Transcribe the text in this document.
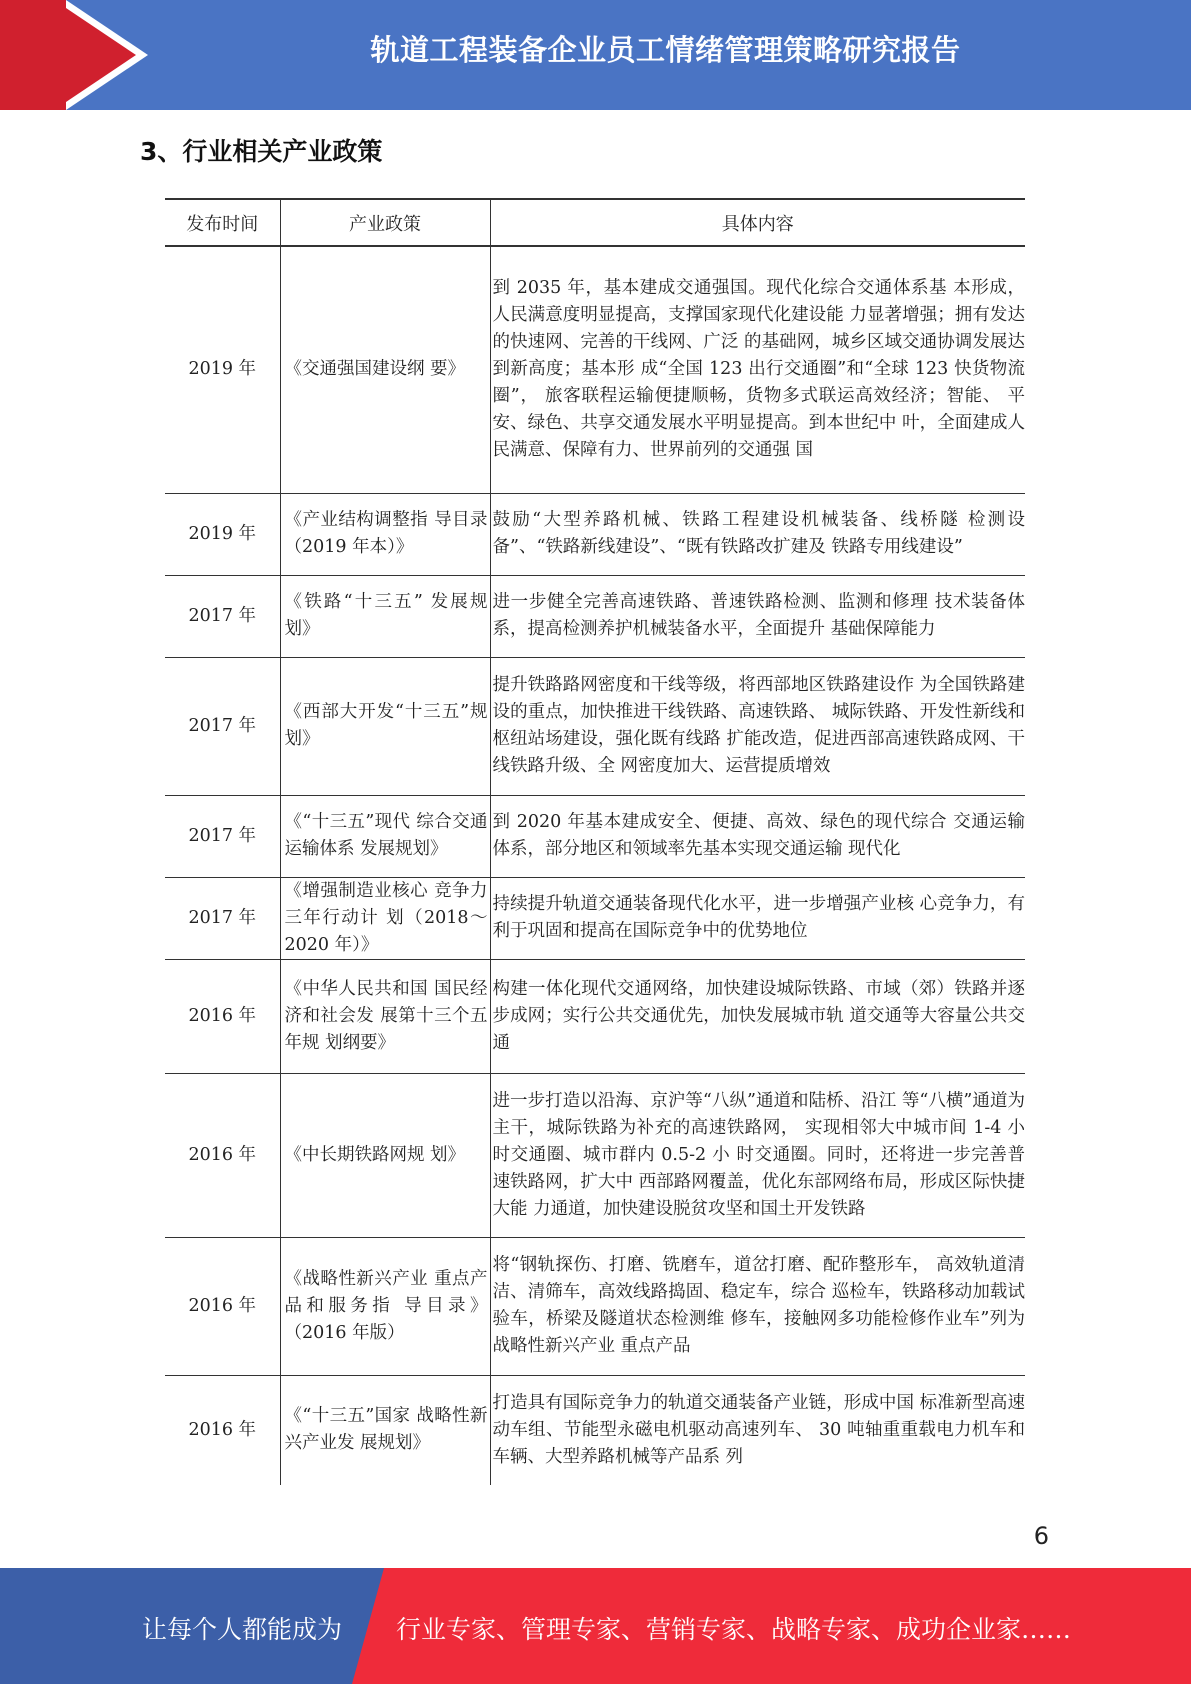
轨道工程装备企业员工情绪管理策略研究报告
3、行业相关产业政策
发布时间	产业政策	具体内容
2019 年	《交通强国建设纲 要》	到 2035 年，基本建成交通强国。现代化综合交通体系基 本形成，人民满意度明显提高，支撑国家现代化建设能 力显著增强；拥有发达的快速网、完善的干线网、广泛 的基础网，城乡区域交通协调发展达到新高度；基本形 成“全国 123 出行交通圈”和“全球 123 快货物流圈”， 旅客联程运输便捷顺畅，货物多式联运高效经济；智能、 平安、绿色、共享交通发展水平明显提高。到本世纪中 叶，全面建成人民满意、保障有力、世界前列的交通强 国
2019 年	《产业结构调整指 导目录（2019 年本）》	鼓励“大型养路机械、铁路工程建设机械装备、线桥隧 检测设备”、“铁路新线建设”、“既有铁路改扩建及 铁路专用线建设”
2017 年	《铁路“十三五” 发展规划》	进一步健全完善高速铁路、普速铁路检测、监测和修理 技术装备体系，提高检测养护机械装备水平，全面提升 基础保障能力
2017 年	《西部大开发“十三五”规划》	提升铁路路网密度和干线等级，将西部地区铁路建设作 为全国铁路建设的重点，加快推进干线铁路、高速铁路、 城际铁路、开发性新线和枢纽站场建设，强化既有线路 扩能改造，促进西部高速铁路成网、干线铁路升级、全 网密度加大、运营提质增效
2017 年	《“十三五”现代 综合交通运输体系 发展规划》	到 2020 年基本建成安全、便捷、高效、绿色的现代综合 交通运输体系，部分地区和领域率先基本实现交通运输 现代化
2017 年	《增强制造业核心 竞争力三年行动计 划（2018～2020 年）》	持续提升轨道交通装备现代化水平，进一步增强产业核 心竞争力，有利于巩固和提高在国际竞争中的优势地位
2016 年	《中华人民共和国 国民经济和社会发 展第十三个五年规 划纲要》	构建一体化现代交通网络，加快建设城际铁路、市域（郊）铁路并逐步成网；实行公共交通优先，加快发展城市轨 道交通等大容量公共交通
2016 年	《中长期铁路网规 划》	进一步打造以沿海、京沪等“八纵”通道和陆桥、沿江 等“八横”通道为主干，城际铁路为补充的高速铁路网， 实现相邻大中城市间 1-4 小时交通圈、城市群内 0.5-2 小 时交通圈。同时，还将进一步完善普速铁路网，扩大中 西部路网覆盖，优化东部网络布局，形成区际快捷大能 力通道，加快建设脱贫攻坚和国土开发铁路
2016 年	《战略性新兴产业 重点产品和服务指 导目录》（2016 年版）	将“钢轨探伤、打磨、铣磨车，道岔打磨、配砟整形车， 高效轨道清洁、清筛车，高效线路捣固、稳定车，综合 巡检车，铁路移动加载试验车，桥梁及隧道状态检测维 修车，接触网多功能检修作业车”列为战略性新兴产业 重点产品
2016 年	《“十三五”国家 战略性新兴产业发 展规划》	打造具有国际竞争力的轨道交通装备产业链，形成中国 标准新型高速动车组、节能型永磁电机驱动高速列车、 30 吨轴重重载电力机车和车辆、大型养路机械等产品系 列
6
让每个人都能成为 行业专家、管理专家、营销专家、战略专家、成功企业家……
